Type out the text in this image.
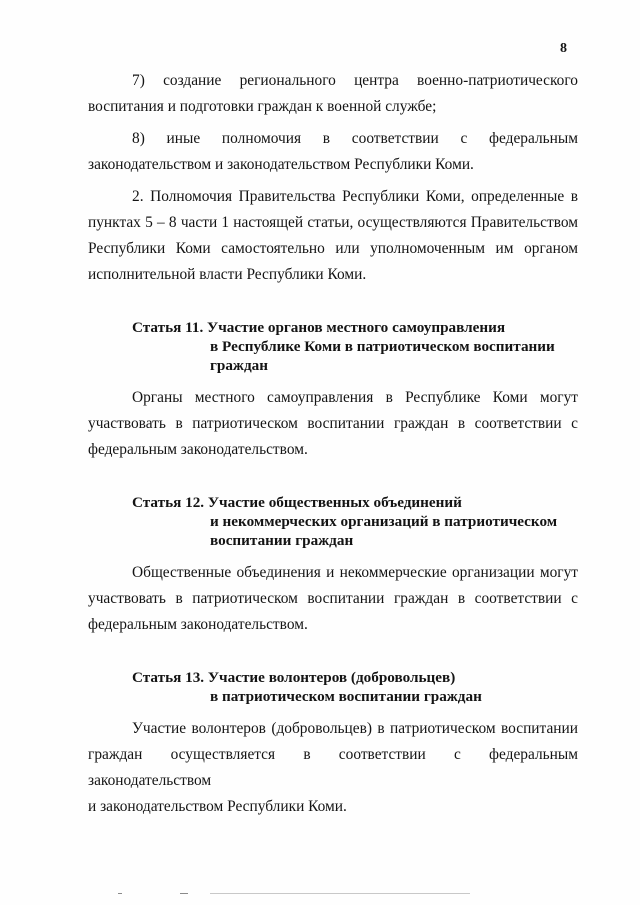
8

7) создание регионального центра военно-патриотического

воспитания и подготовки граждан к военной службе;

8) иные полномочия в соответствии с федеральным

законодательством и законодательством Республики Коми.

2. Полномочия Правительства Республики Коми, определенные в

пунктах 5 – 8 части 1 настоящей статьи, осуществляются Правительством

Республики Коми самостоятельно или уполномоченным им органом

исполнительной власти Республики Коми.

Статья 11. Участие органов местного самоуправления
в Республике Коми в патриотическом воспитании
граждан

Органы местного самоуправления в Республике Коми могут

участвовать в патриотическом воспитании граждан в соответствии с

федеральным законодательством.

Статья 12. Участие общественных объединений
и некоммерческих организаций в патриотическом
воспитании граждан

Общественные объединения и некоммерческие организации могут

участвовать в патриотическом воспитании граждан в соответствии с

федеральным законодательством.

Статья 13. Участие волонтеров (добровольцев)
в патриотическом воспитании граждан

Участие волонтеров (добровольцев) в патриотическом воспитании

граждан осуществляется в соответствии с федеральным законодательством

и законодательством Республики Коми.
